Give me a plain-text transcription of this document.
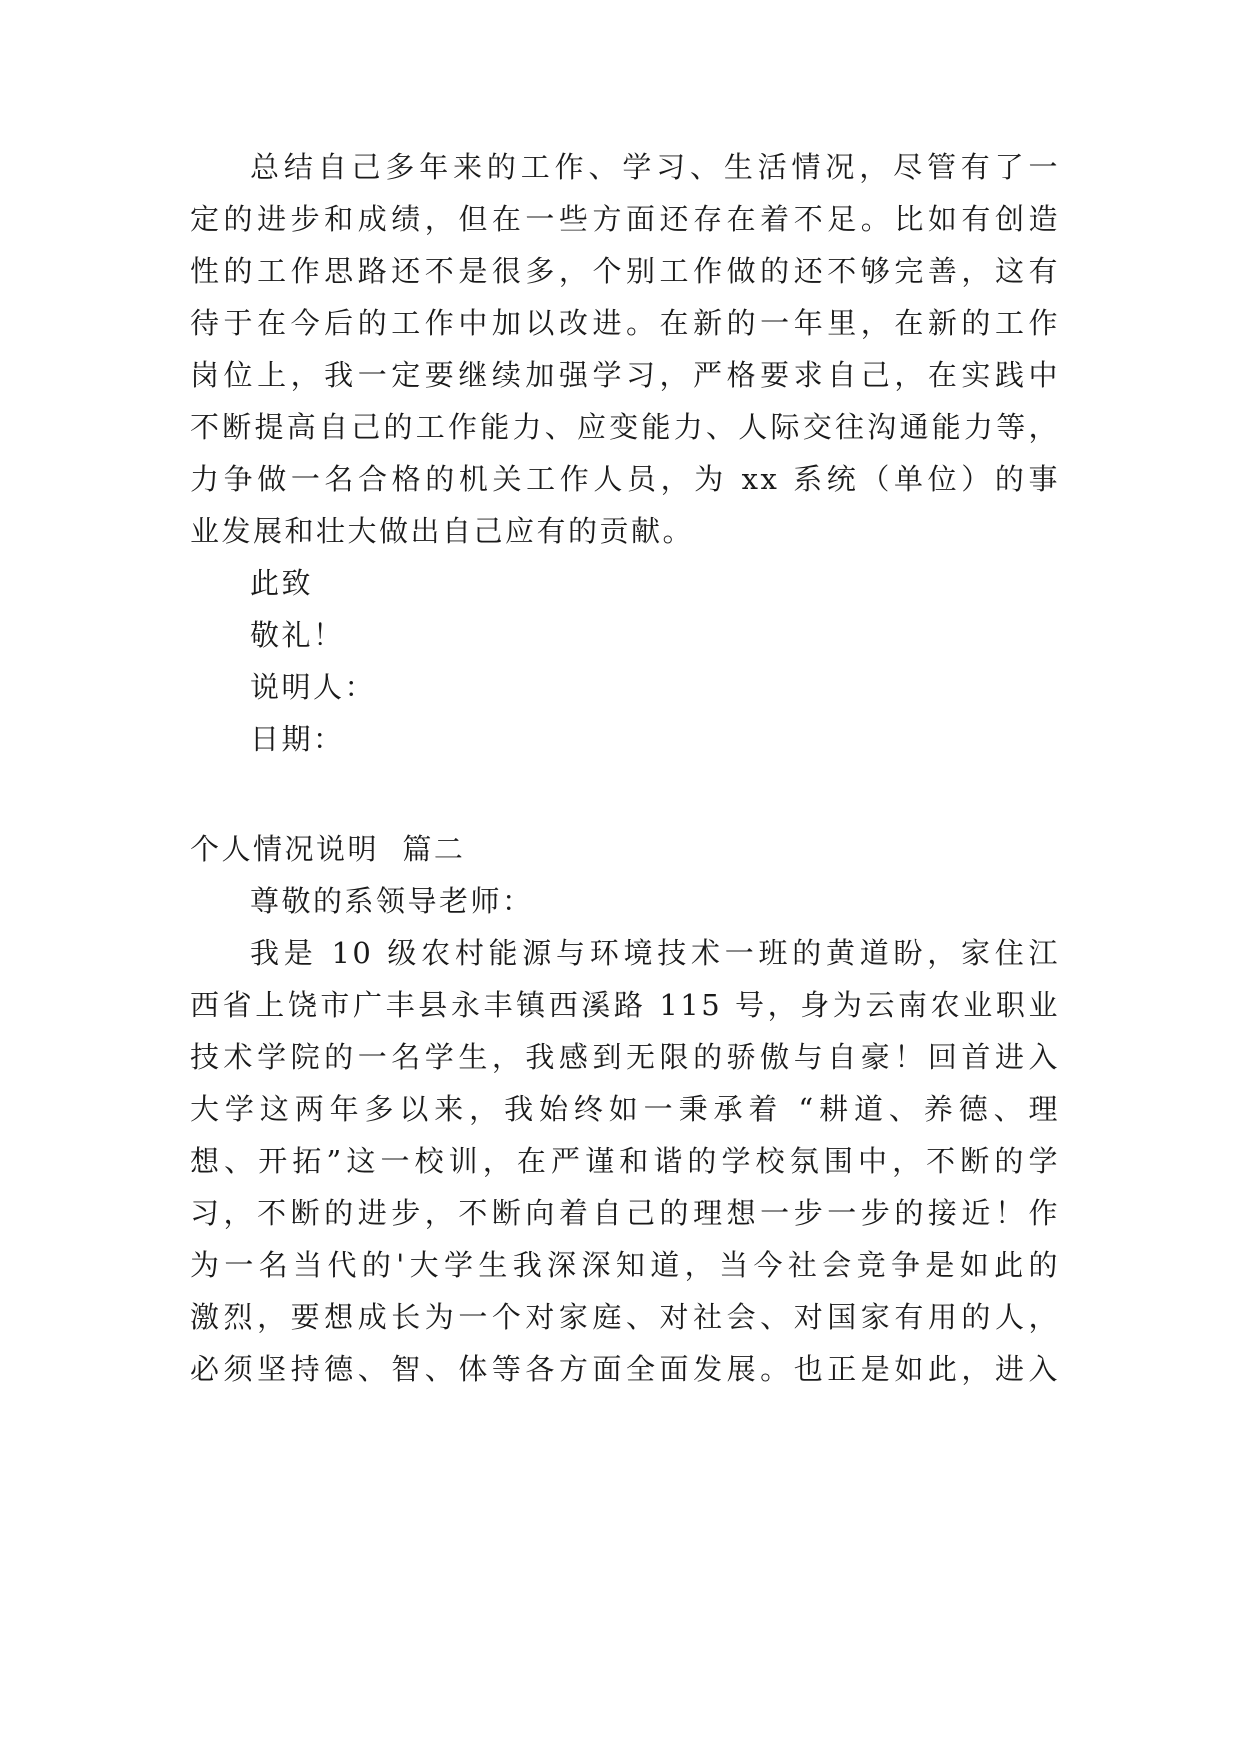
总结自己多年来的工作、学习、生活情况，尽管有了一
定的进步和成绩，但在一些方面还存在着不足。比如有创造
性的工作思路还不是很多，个别工作做的还不够完善，这有
待于在今后的工作中加以改进。在新的一年里，在新的工作
岗位上，我一定要继续加强学习，严格要求自己，在实践中
不断提高自己的工作能力、应变能力、人际交往沟通能力等，
力争做一名合格的机关工作人员，为 xx 系统（单位）的事
业发展和壮大做出自己应有的贡献。
此致
敬礼！
说明人：
日期：
个人情况说明  篇二
尊敬的系领导老师：
我是 10 级农村能源与环境技术一班的黄道盼，家住江
西省上饶市广丰县永丰镇西溪路 115 号，身为云南农业职业
技术学院的一名学生，我感到无限的骄傲与自豪！回首进入
大学这两年多以来，我始终如一秉承着 “耕道、养德、理
想、开拓”这一校训，在严谨和谐的学校氛围中，不断的学
习，不断的进步，不断向着自己的理想一步一步的接近！作
为一名当代的'大学生我深深知道，当今社会竞争是如此的
激烈，要想成长为一个对家庭、对社会、对国家有用的人，
必须坚持德、智、体等各方面全面发展。也正是如此，进入
